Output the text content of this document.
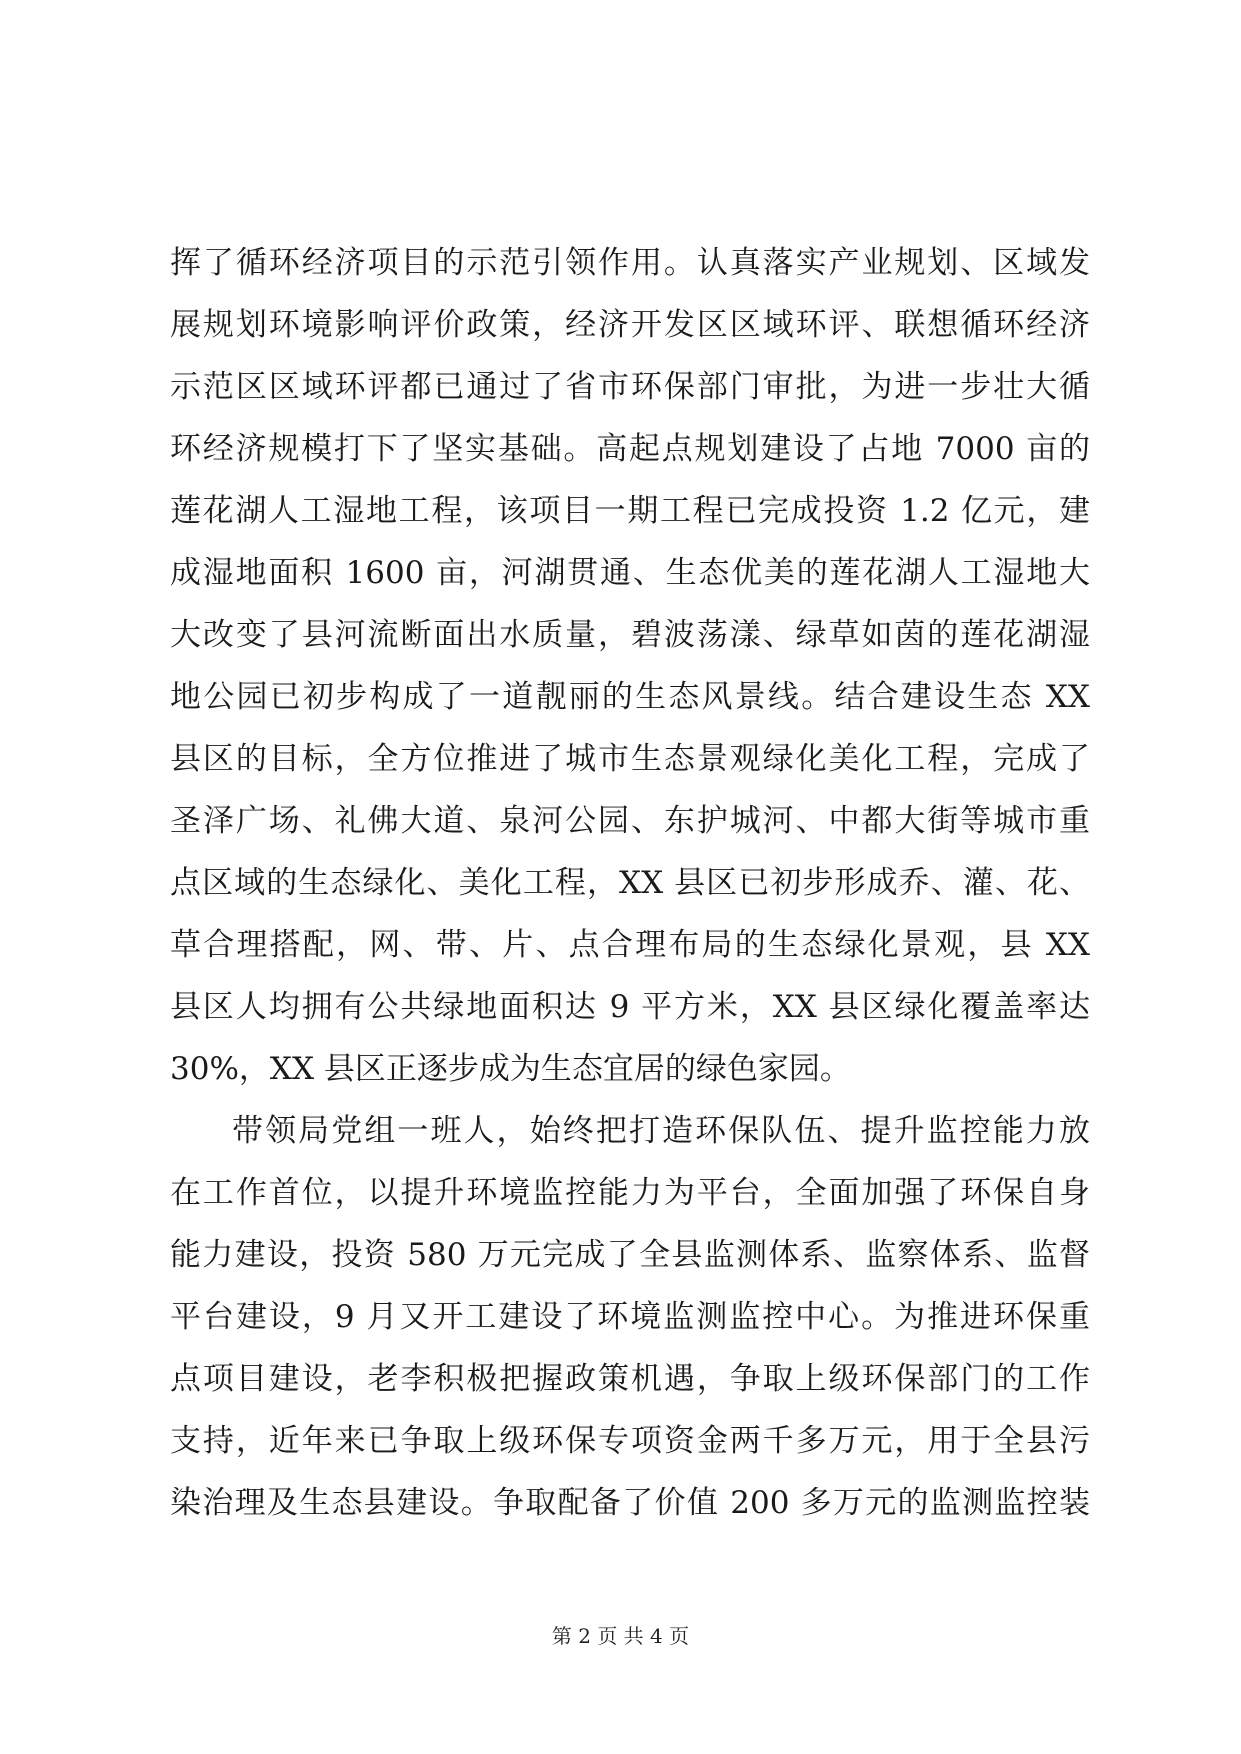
挥了循环经济项目的示范引领作用。认真落实产业规划、区域发
展规划环境影响评价政策，经济开发区区域环评、联想循环经济
示范区区域环评都已通过了省市环保部门审批，为进一步壮大循
环经济规模打下了坚实基础。高起点规划建设了占地 7000 亩的
莲花湖人工湿地工程，该项目一期工程已完成投资 1.2 亿元，建
成湿地面积 1600 亩，河湖贯通、生态优美的莲花湖人工湿地大
大改变了县河流断面出水质量，碧波荡漾、绿草如茵的莲花湖湿
地公园已初步构成了一道靓丽的生态风景线。结合建设生态 XX
县区的目标，全方位推进了城市生态景观绿化美化工程，完成了
圣泽广场、礼佛大道、泉河公园、东护城河、中都大街等城市重
点区域的生态绿化、美化工程，XX 县区已初步形成乔、灌、花、
草合理搭配，网、带、片、点合理布局的生态绿化景观，县 XX
县区人均拥有公共绿地面积达 9 平方米，XX 县区绿化覆盖率达
30%，XX 县区正逐步成为生态宜居的绿色家园。
带领局党组一班人，始终把打造环保队伍、提升监控能力放
在工作首位，以提升环境监控能力为平台，全面加强了环保自身
能力建设，投资 580 万元完成了全县监测体系、监察体系、监督
平台建设，9 月又开工建设了环境监测监控中心。为推进环保重
点项目建设，老李积极把握政策机遇，争取上级环保部门的工作
支持，近年来已争取上级环保专项资金两千多万元，用于全县污
染治理及生态县建设。争取配备了价值 200 多万元的监测监控装
第 2 页 共 4 页
